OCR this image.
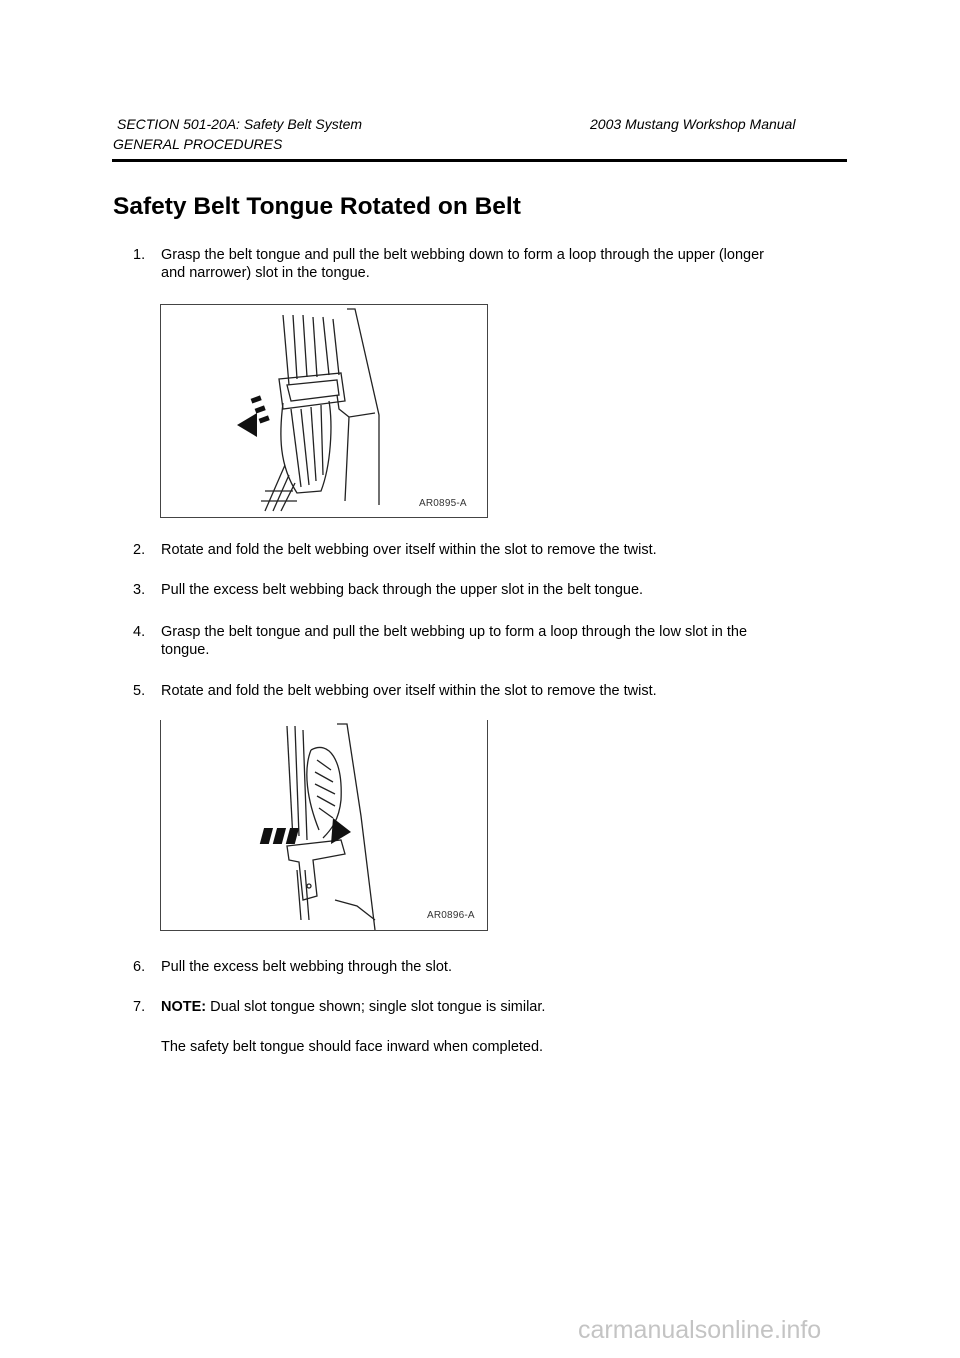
SECTION 501-20A: Safety Belt System	2003 Mustang Workshop Manual
GENERAL PROCEDURES
Safety Belt Tongue Rotated on Belt
1. Grasp the belt tongue and pull the belt webbing down to form a loop through the upper (longer
and narrower) slot in the tongue.
AR0895-A
2. Rotate and fold the belt webbing over itself within the slot to remove the twist.
3. Pull the excess belt webbing back through the upper slot in the belt tongue.
4. Grasp the belt tongue and pull the belt webbing up to form a loop through the low slot in the
tongue.
5. Rotate and fold the belt webbing over itself within the slot to remove the twist.
AR0896-A
6. Pull the excess belt webbing through the slot.
7. NOTE: Dual slot tongue shown; single slot tongue is similar.
The safety belt tongue should face inward when completed.
carmanualsonline.info
